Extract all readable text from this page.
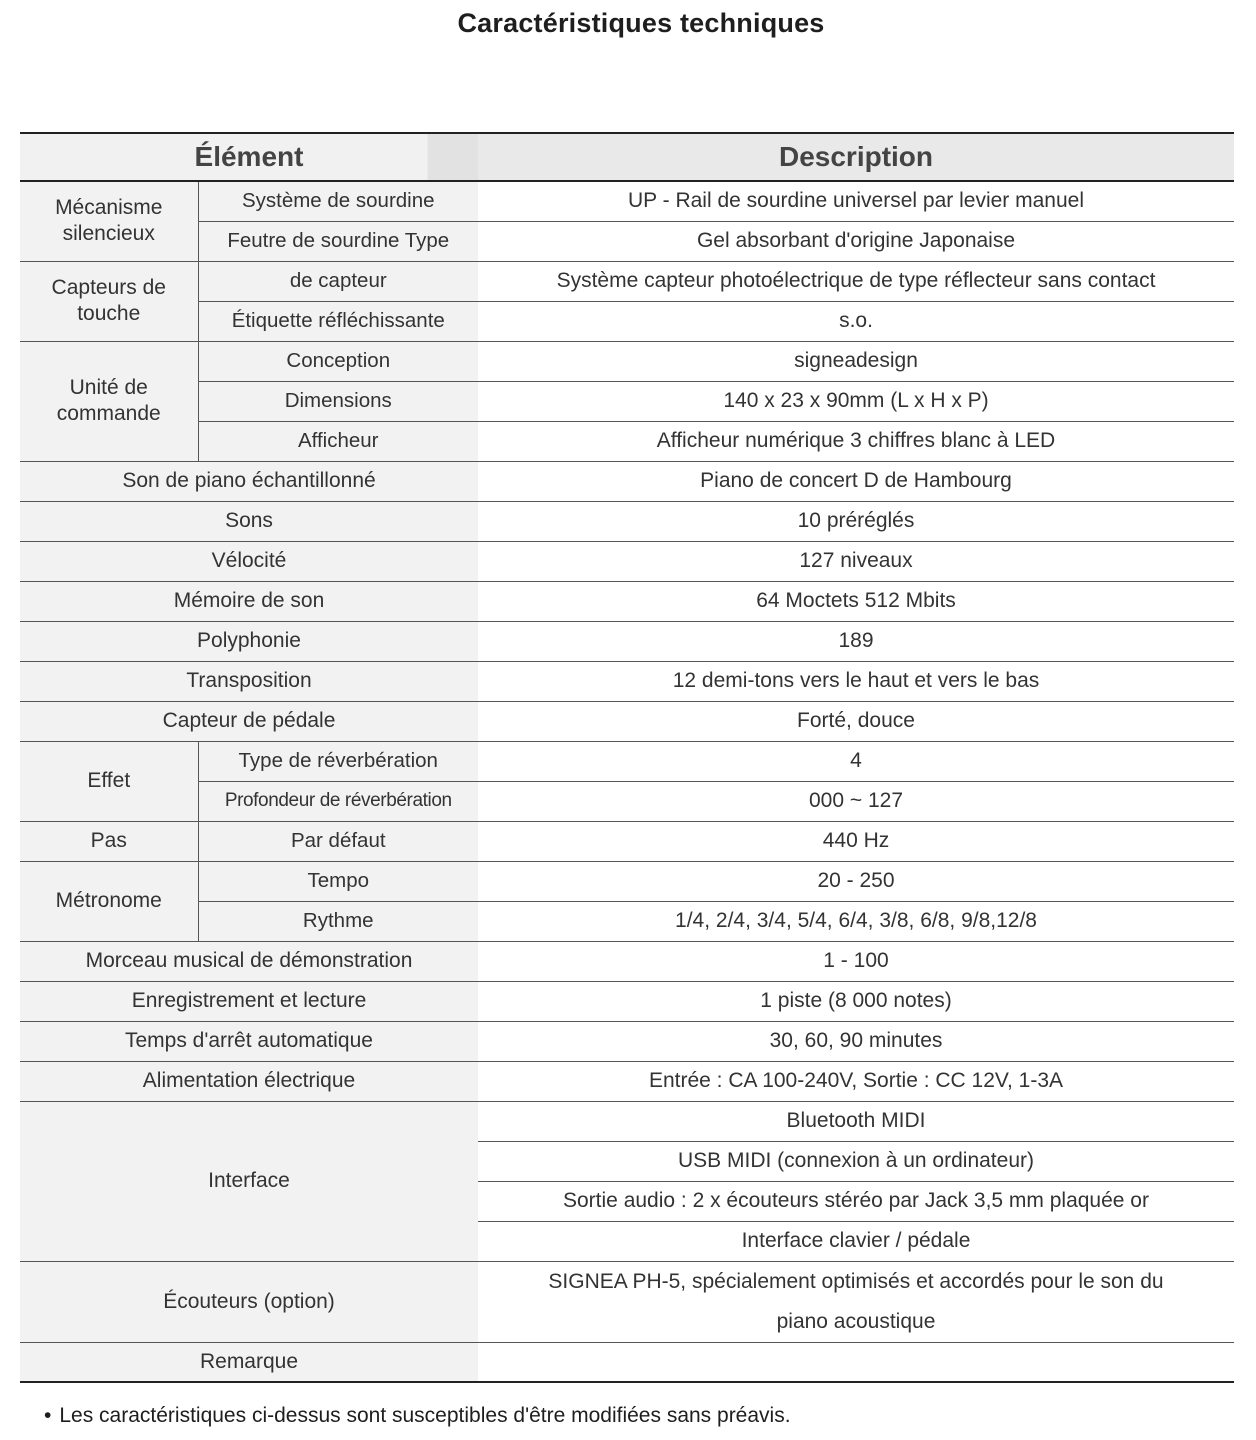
Caractéristiques techniques
Élément		Description
Mécanisme silencieux	Système de sourdine	UP - Rail de sourdine universel par levier manuel
	Feutre de sourdine Type	Gel absorbant d'origine Japonaise
Capteurs de touche	de capteur	Système capteur photoélectrique de type réflecteur sans contact
	Étiquette réfléchissante	s.o.
Unité de commande	Conception	signeadesign
	Dimensions	140 x 23 x 90mm (L x H x P)
	Afficheur	Afficheur numérique 3 chiffres blanc à LED
Son de piano échantillonné		Piano de concert D de Hambourg
Sons		10 préréglés
Vélocité		127 niveaux
Mémoire de son		64 Moctets 512 Mbits
Polyphonie		189
Transposition		12 demi-tons vers le haut et vers le bas
Capteur de pédale		Forté, douce
Effet	Type de réverbération	4
	Profondeur de réverbération	000 ~ 127
Pas	Par défaut	440 Hz
Métronome	Tempo	20 - 250
	Rythme	1/4, 2/4, 3/4, 5/4, 6/4, 3/8, 6/8, 9/8,12/8
Morceau musical de démonstration		1 - 100
Enregistrement et lecture		1 piste (8 000 notes)
Temps d'arrêt automatique		30, 60, 90 minutes
Alimentation électrique		Entrée : CA 100-240V, Sortie : CC 12V, 1-3A
Interface		Bluetooth MIDI
		USB MIDI (connexion à un ordinateur)
		Sortie audio : 2 x écouteurs stéréo par Jack 3,5 mm plaquée or
		Interface clavier / pédale
Écouteurs (option)		SIGNEA PH-5, spécialement optimisés et accordés pour le son du
piano acoustique
Remarque		
• Les caractéristiques ci-dessus sont susceptibles d'être modifiées sans préavis.
